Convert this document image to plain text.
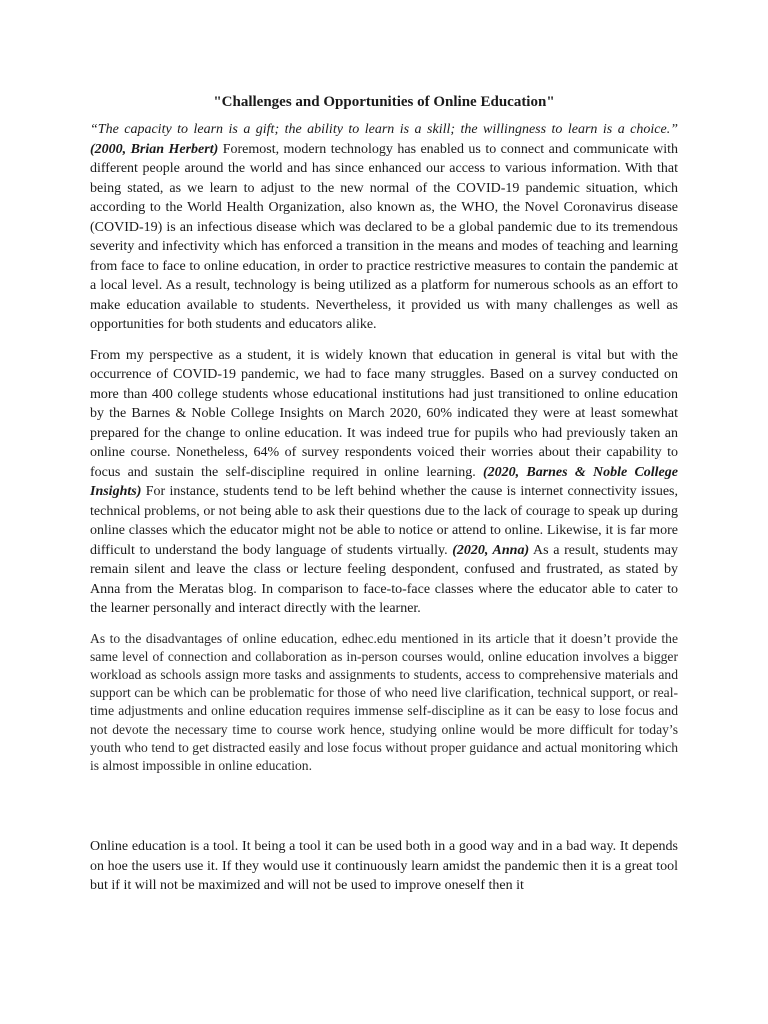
"Challenges and Opportunities of Online Education"

“The capacity to learn is a gift; the ability to learn is a skill; the willingness to learn is a choice.” (2000, Brian Herbert) Foremost, modern technology has enabled us to connect and communicate with different people around the world and has since enhanced our access to various information. With that being stated, as we learn to adjust to the new normal of the COVID-19 pandemic situation, which according to the World Health Organization, also known as, the WHO, the Novel Coronavirus disease (COVID-19) is an infectious disease which was declared to be a global pandemic due to its tremendous severity and infectivity which has enforced a transition in the means and modes of teaching and learning from face to face to online education, in order to practice restrictive measures to contain the pandemic at a local level. As a result, technology is being utilized as a platform for numerous schools as an effort to make education available to students. Nevertheless, it provided us with many challenges as well as opportunities for both students and educators alike.

From my perspective as a student, it is widely known that education in general is vital but with the occurrence of COVID-19 pandemic, we had to face many struggles. Based on a survey conducted on more than 400 college students whose educational institutions had just transitioned to online education by the Barnes & Noble College Insights on March 2020, 60% indicated they were at least somewhat prepared for the change to online education. It was indeed true for pupils who had previously taken an online course. Nonetheless, 64% of survey respondents voiced their worries about their capability to focus and sustain the self-discipline required in online learning. (2020, Barnes & Noble College Insights) For instance, students tend to be left behind whether the cause is internet connectivity issues, technical problems, or not being able to ask their questions due to the lack of courage to speak up during online classes which the educator might not be able to notice or attend to online. Likewise, it is far more difficult to understand the body language of students virtually. (2020, Anna) As a result, students may remain silent and leave the class or lecture feeling despondent, confused and frustrated, as stated by Anna from the Meratas blog. In comparison to face-to-face classes where the educator able to cater to the learner personally and interact directly with the learner.

As to the disadvantages of online education, edhec.edu mentioned in its article that it doesn’t provide the same level of connection and collaboration as in-person courses would, online education involves a bigger workload as schools assign more tasks and assignments to students, access to comprehensive materials and support can be which can be problematic for those of who need live clarification, technical support, or real-time adjustments and online education requires immense self-discipline as it can be easy to lose focus and not devote the necessary time to course work hence, studying online would be more difficult for today’s youth who tend to get distracted easily and lose focus without proper guidance and actual monitoring which is almost impossible in online education.

Online education is a tool. It being a tool it can be used both in a good way and in a bad way. It depends on hoe the users use it. If they would use it continuously learn amidst the pandemic then it is a great tool but if it will not be maximized and will not be used to improve oneself then it
